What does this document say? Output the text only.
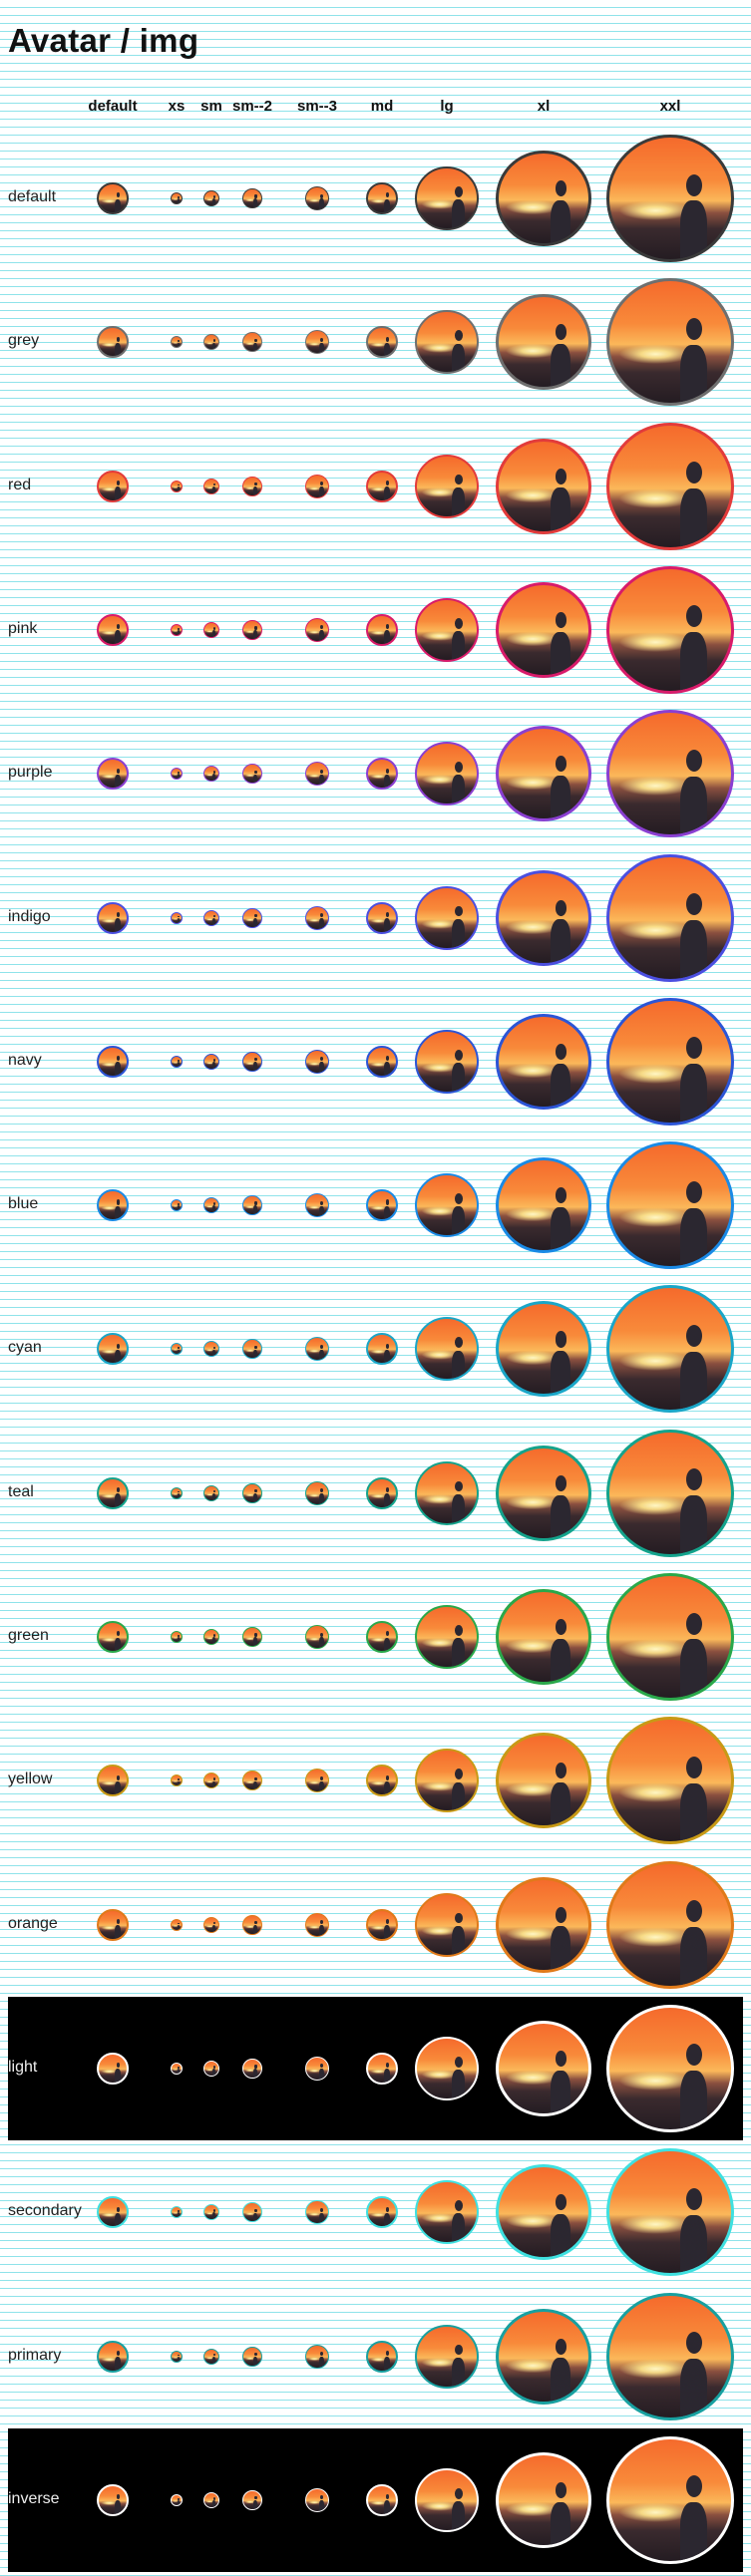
Avatar / img
default xs sm sm--2 sm--3 md	lg	xl	xxl
default
grey
red
pink
purple
indigo
navy
blue
cyan
teal
green
yellow
orange
light
secondary
primary
inverse
